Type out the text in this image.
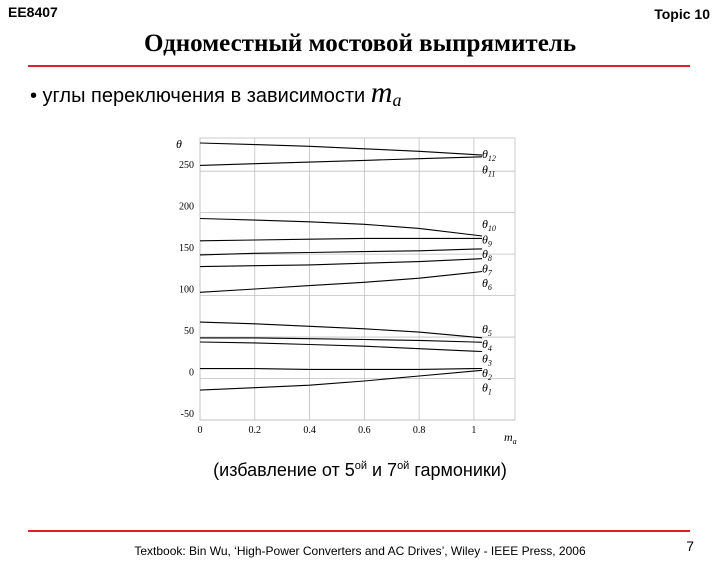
EE8407	Topic 10
Одноместный мостовой выпрямитель
• углы переключения в зависимости $m_a$
250
200
150
100
50
0
-50
0	0.2	0.4	0.6	0.8	1
$\theta_{12}$
$\theta_{11}$
$\theta_{10}$
$\theta_9$
$\theta_8$
$\theta_7$
$\theta_6$
$\theta_5$
$\theta_4$
$\theta_3$
$\theta_2$
$\theta_1$
θ
$m_a$
(избавление от $5^{ой}$ и $7^{ой}$ гармоники)
Textbook: Bin Wu, ‘High-Power Converters and AC Drives’, Wiley - IEEE Press, 2006	7
